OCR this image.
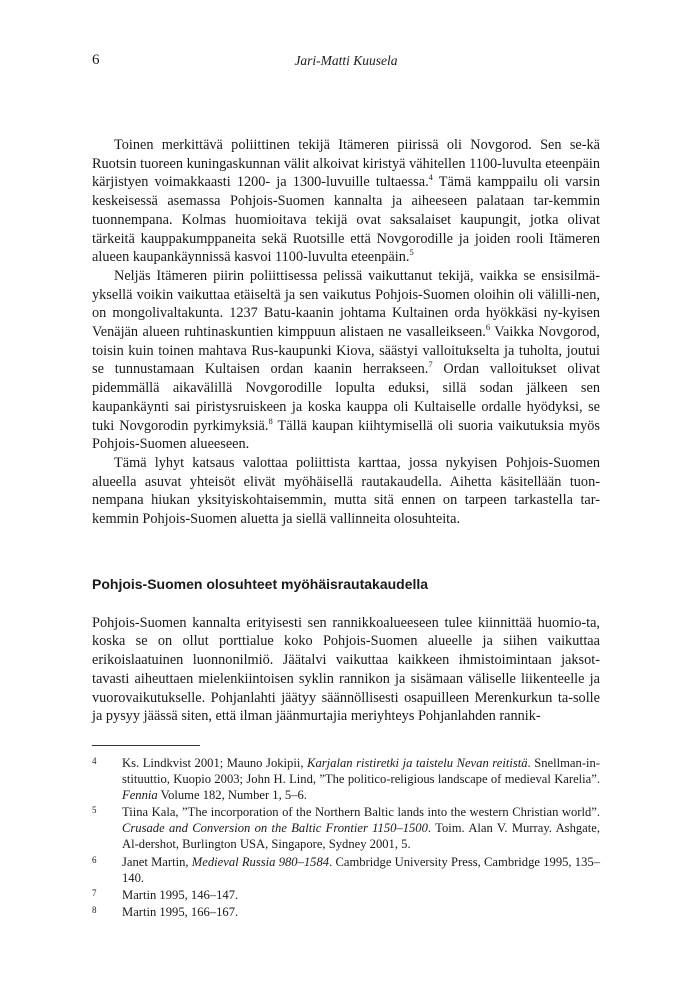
6	Jari-Matti Kuusela

Toinen merkittävä poliittinen tekijä Itämeren piirissä oli Novgorod. Sen se-kä Ruotsin tuoreen kuningaskunnan välit alkoivat kiristyä vähitellen 1100-luvulta eteenpäin kärjistyen voimakkaasti 1200- ja 1300-luvuille tultaessa.$^4$ Tämä kamppailu oli varsin keskeisessä asemassa Pohjois-Suomen kannalta ja aiheeseen palataan tar-kemmin tuonnempana. Kolmas huomioitava tekijä ovat saksalaiset kaupungit, jotka olivat tärkeitä kauppakumppaneita sekä Ruotsille että Novgorodille ja joiden rooli Itämeren alueen kaupankäynnissä kasvoi 1100-luvulta eteenpäin.$^5$

Neljäs Itämeren piirin poliittisessa pelissä vaikuttanut tekijä, vaikka se ensisilmä-yksellä voikin vaikuttaa etäiseltä ja sen vaikutus Pohjois-Suomen oloihin oli välilli-nen, on mongolivaltakunta. 1237 Batu-kaanin johtama Kultainen orda hyökkäsi ny-kyisen Venäjän alueen ruhtinaskuntien kimppuun alistaen ne vasalleikseen.$^6$ Vaikka Novgorod, toisin kuin toinen mahtava Rus-kaupunki Kiova, säästyi valloitukselta ja tuholta, joutui se tunnustamaan Kultaisen ordan kaanin herrakseen.$^7$ Ordan valloitukset olivat pidemmällä aikavälillä Novgorodille lopulta eduksi, sillä sodan jälkeen sen kaupankäynti sai piristysruiskeen ja koska kauppa oli Kultaiselle ordalle hyödyksi, se tuki Novgorodin pyrkimyksiä.$^8$ Tällä kaupan kiihtymisellä oli suoria vaikutuksia myös Pohjois-Suomen alueeseen.

Tämä lyhyt katsaus valottaa poliittista karttaa, jossa nykyisen Pohjois-Suomen alueella asuvat yhteisöt elivät myöhäisellä rautakaudella. Aihetta käsitellään tuon-nempana hiukan yksityiskohtaisemmin, mutta sitä ennen on tarpeen tarkastella tar-kemmin Pohjois-Suomen aluetta ja siellä vallinneita olosuhteita.

Pohjois-Suomen olosuhteet myöhäisrautakaudella

Pohjois-Suomen kannalta erityisesti sen rannikkoalueeseen tulee kiinnittää huomio-ta, koska se on ollut porttialue koko Pohjois-Suomen alueelle ja siihen vaikuttaa erikoislaatuinen luonnonilmiö. Jäätalvi vaikuttaa kaikkeen ihmistoimintaan jaksot-tavasti aiheuttaen mielenkiintoisen syklin rannikon ja sisämaan väliselle liikenteelle ja vuorovaikutukselle. Pohjanlahti jäätyy säännöllisesti osapuilleen Merenkurkun ta-solle ja pysyy jäässä siten, että ilman jäänmurtajia meriyhteys Pohjanlahden rannik-

4	Ks. Lindkvist 2001; Mauno Jokipii, Karjalan ristiretki ja taistelu Nevan reitistä. Snellman-in-stituuttio, Kuopio 2003; John H. Lind, ”The politico-religious landscape of medieval Karelia”. Fennia Volume 182, Number 1, 5–6.
5	Tiina Kala, ”The incorporation of the Northern Baltic lands into the western Christian world”. Crusade and Conversion on the Baltic Frontier 1150–1500. Toim. Alan V. Murray. Ashgate, Al-dershot, Burlington USA, Singapore, Sydney 2001, 5.
6	Janet Martin, Medieval Russia 980–1584. Cambridge University Press, Cambridge 1995, 135–140.
7	Martin 1995, 146–147.
8	Martin 1995, 166–167.
